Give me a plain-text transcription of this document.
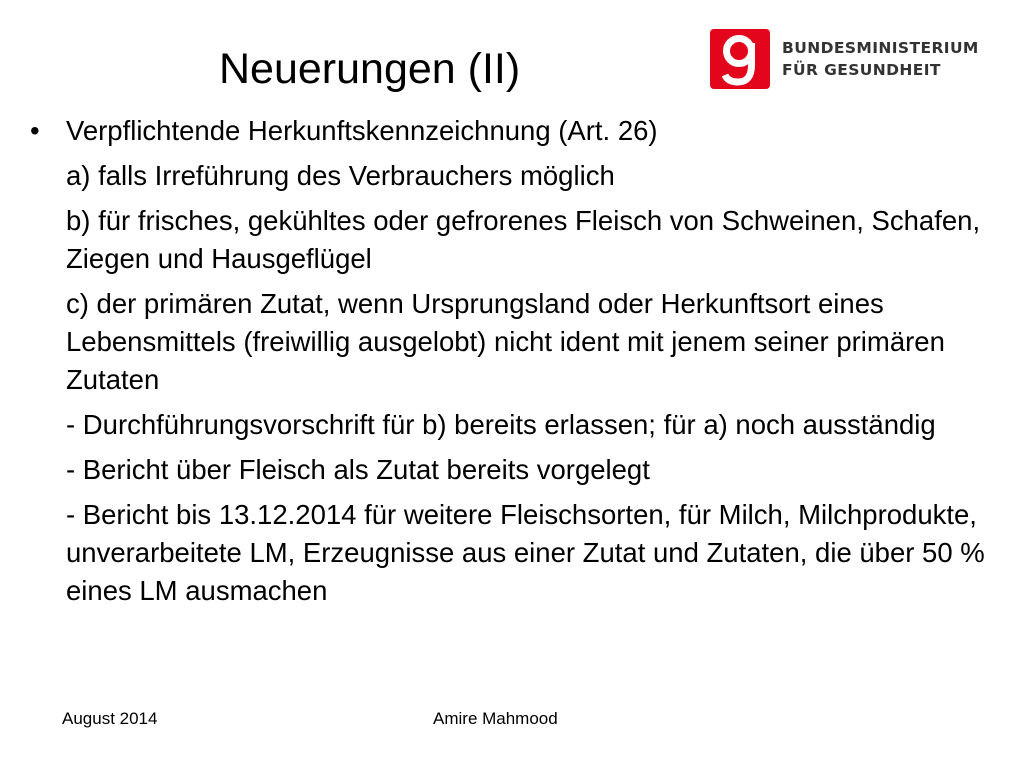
Neuerungen (II)	BUNDESMINISTERIUM
FÜR GESUNDHEIT
• Verpflichtende Herkunftskennzeichnung (Art. 26)

a) falls Irreführung des Verbrauchers möglich

b) für frisches, gekühltes oder gefrorenes Fleisch von Schweinen, Schafen, Ziegen und Hausgeflügel

c) der primären Zutat, wenn Ursprungsland oder Herkunftsort eines Lebensmittels (freiwillig ausgelobt) nicht ident mit jenem seiner primären Zutaten

- Durchführungsvorschrift für b) bereits erlassen; für a) noch ausständig

- Bericht über Fleisch als Zutat bereits vorgelegt

- Bericht bis 13.12.2014 für weitere Fleischsorten, für Milch, Milchprodukte, unverarbeitete LM, Erzeugnisse aus einer Zutat und Zutaten, die über 50 % eines LM ausmachen

August 2014	Amire Mahmood
